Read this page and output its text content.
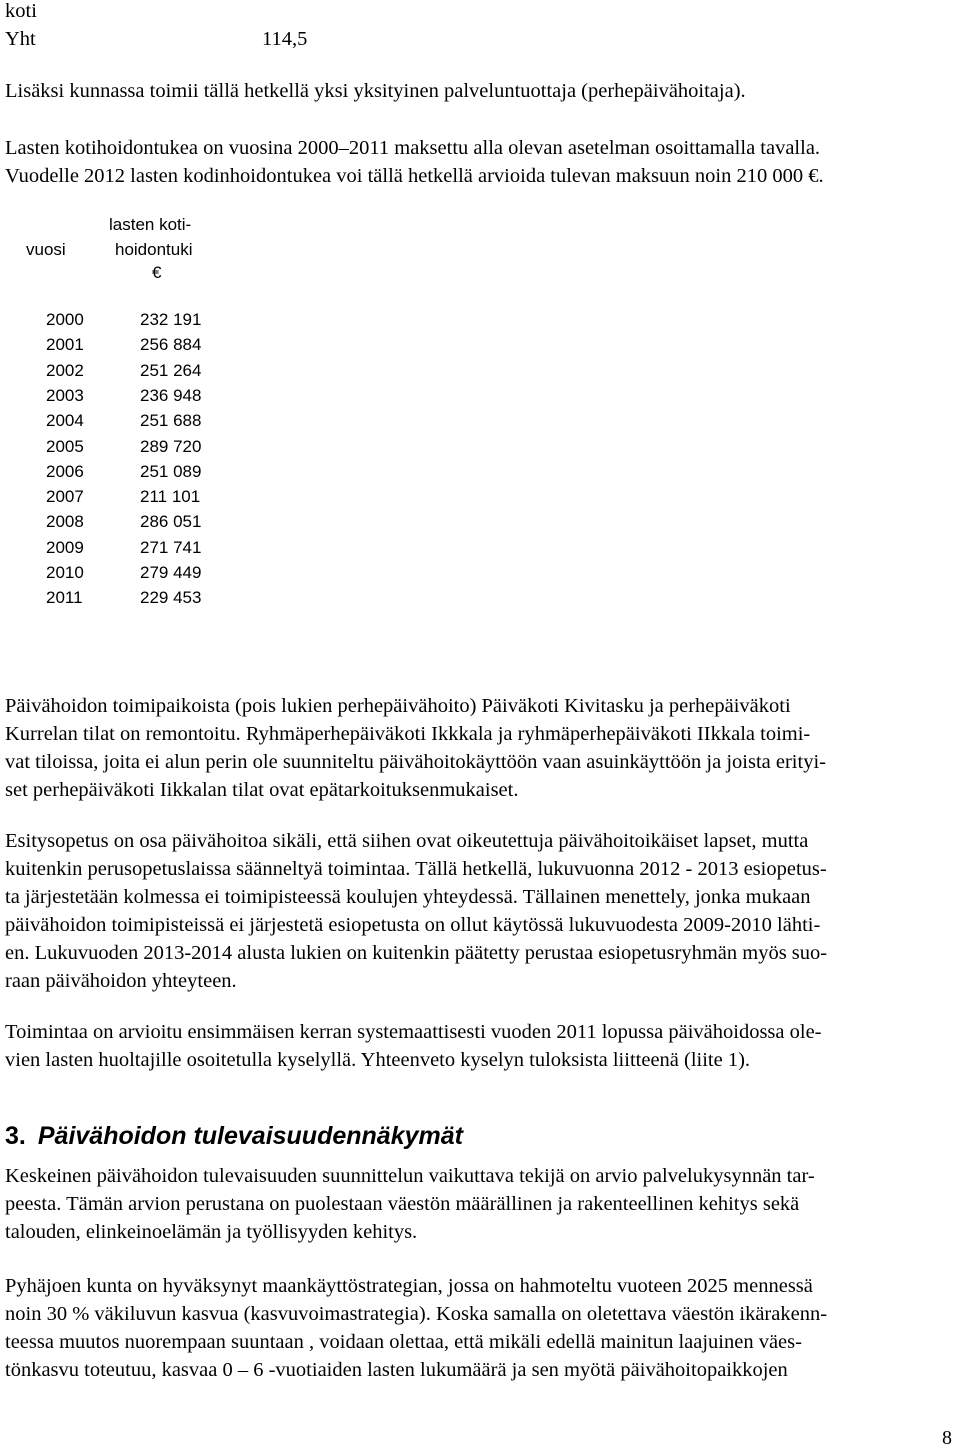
koti
Yht	114,5
Lisäksi kunnassa toimii tällä hetkellä yksi yksityinen palveluntuottaja (perhepäivähoitaja).
Lasten kotihoidontukea on vuosina 2000–2011 maksettu alla olevan asetelman osoittamalla tavalla.
Vuodelle 2012 lasten kodinhoidontukea voi tällä hetkellä arvioida tulevan maksuun noin 210 000 €.
vuosi
lasten koti-
hoidontuki
€
2000	232 191
2001	256 884
2002	251 264
2003	236 948
2004	251 688
2005	289 720
2006	251 089
2007	211 101
2008	286 051
2009	271 741
2010	279 449
2011	229 453
Päivähoidon toimipaikoista (pois lukien perhepäivähoito) Päiväkoti Kivitasku ja perhepäiväkoti
Kurrelan tilat on remontoitu. Ryhmäperhepäiväkoti Ikkkala ja ryhmäperhepäiväkoti IIkkala toimi-
vat tiloissa, joita ei alun perin ole suunniteltu päivähoitokäyttöön vaan asuinkäyttöön ja joista erityi-
set perhepäiväkoti Iikkalan tilat ovat epätarkoituksenmukaiset.
Esitysopetus on osa päivähoitoa sikäli, että siihen ovat oikeutettuja päivähoitoikäiset lapset, mutta
kuitenkin perusopetuslaissa säänneltyä toimintaa. Tällä hetkellä, lukuvuonna 2012 - 2013 esiopetus-
ta järjestetään kolmessa ei toimipisteessä koulujen yhteydessä. Tällainen menettely, jonka mukaan
päivähoidon toimipisteissä ei järjestetä esiopetusta on ollut käytössä lukuvuodesta 2009-2010 lähti-
en. Lukuvuoden 2013-2014 alusta lukien on kuitenkin päätetty perustaa esiopetusryhmän myös suo-
raan päivähoidon yhteyteen.
Toimintaa on arvioitu ensimmäisen kerran systemaattisesti vuoden 2011 lopussa päivähoidossa ole-
vien lasten huoltajille osoitetulla kyselyllä. Yhteenveto kyselyn tuloksista liitteenä (liite 1).
3. Päivähoidon tulevaisuudennäkymät
Keskeinen päivähoidon tulevaisuuden suunnittelun vaikuttava tekijä on arvio palvelukysynnän tar-
peesta. Tämän arvion perustana on puolestaan väestön määrällinen ja rakenteellinen kehitys sekä
talouden, elinkeinoelämän ja työllisyyden kehitys.
Pyhäjoen kunta on hyväksynyt maankäyttöstrategian, jossa on hahmoteltu vuoteen 2025 mennessä
noin 30 % väkiluvun kasvua (kasvuvoimastrategia). Koska samalla on oletettava väestön ikärakenn-
teessa muutos nuorempaan suuntaan , voidaan olettaa, että mikäli edellä mainitun laajuinen väes-
tönkasvu toteutuu, kasvaa 0 – 6 -vuotiaiden lasten lukumäärä ja sen myötä päivähoitopaikkojen
8
